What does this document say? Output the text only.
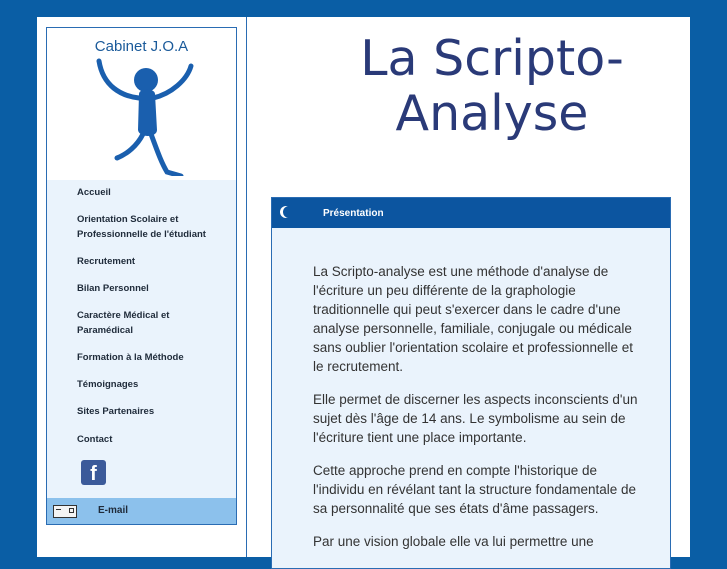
Cabinet J.O.A
Accueil
Orientation Scolaire et Professionnelle de l'étudiant
Recrutement
Bilan Personnel
Caractère Médical et Paramédical
Formation à la Méthode
Témoignages
Sites Partenaires
Contact
f
E-mail
La Scripto-Analyse
Présentation

La Scripto-analyse est une méthode d'analyse de l'écriture un peu différente de la graphologie traditionnelle qui peut s'exercer dans le cadre d'une analyse personnelle, familiale, conjugale ou médicale sans oublier l'orientation scolaire et professionnelle et le recrutement.

Elle permet de discerner les aspects inconscients d'un sujet dès l'âge de 14 ans. Le symbolisme au sein de l'écriture tient une place importante.

Cette approche prend en compte l'historique de l'individu en révélant tant la structure fondamentale de sa personnalité que ses états d'âme passagers.

Par une vision globale elle va lui permettre une
